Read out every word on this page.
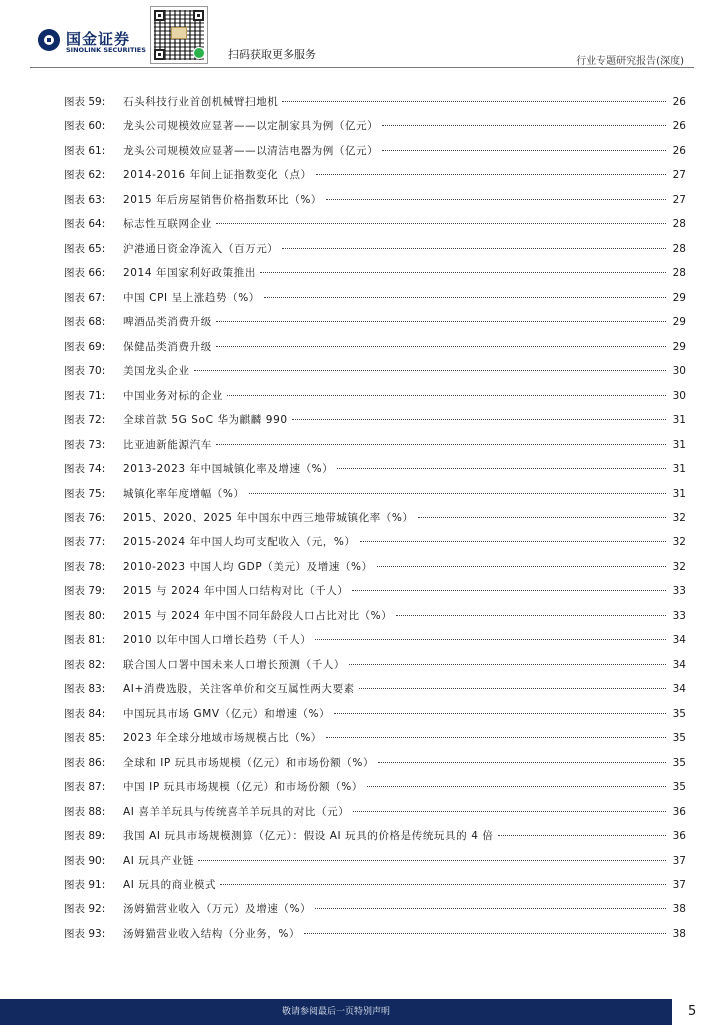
国金证券
SINOLINK SECURITIES	扫码获取更多服务
行业专题研究报告(深度)
图表 59:	石头科技行业首创机械臂扫地机	26
图表 60:	龙头公司规模效应显著——以定制家具为例（亿元）	26
图表 61:	龙头公司规模效应显著——以清洁电器为例（亿元）	26
图表 62:	2014-2016 年间上证指数变化（点）	27
图表 63:	2015 年后房屋销售价格指数环比（%）	27
图表 64:	标志性互联网企业	28
图表 65:	沪港通日资金净流入（百万元）	28
图表 66:	2014 年国家利好政策推出	28
图表 67:	中国 CPI 呈上涨趋势（%）	29
图表 68:	啤酒品类消费升级	29
图表 69:	保健品类消费升级	29
图表 70:	美国龙头企业	30
图表 71:	中国业务对标的企业	30
图表 72:	全球首款 5G SoC 华为麒麟 990	31
图表 73:	比亚迪新能源汽车	31
图表 74:	2013-2023 年中国城镇化率及增速（%）	31
图表 75:	城镇化率年度增幅（%）	31
图表 76:	2015、2020、2025 年中国东中西三地带城镇化率（%）	32
图表 77:	2015-2024 年中国人均可支配收入（元，%）	32
图表 78:	2010-2023 中国人均 GDP（美元）及增速（%）	32
图表 79:	2015 与 2024 年中国人口结构对比（千人）	33
图表 80:	2015 与 2024 年中国不同年龄段人口占比对比（%）	33
图表 81:	2010 以年中国人口增长趋势（千人）	34
图表 82:	联合国人口署中国未来人口增长预测（千人）	34
图表 83:	AI+消费选股，关注客单价和交互属性两大要素	34
图表 84:	中国玩具市场 GMV（亿元）和增速（%）	35
图表 85:	2023 年全球分地域市场规模占比（%）	35
图表 86:	全球和 IP 玩具市场规模（亿元）和市场份额（%）	35
图表 87:	中国 IP 玩具市场规模（亿元）和市场份额（%）	35
图表 88:	AI 喜羊羊玩具与传统喜羊羊玩具的对比（元）	36
图表 89:	我国 AI 玩具市场规模测算（亿元）：假设 AI 玩具的价格是传统玩具的 4 倍	36
图表 90:	AI 玩具产业链	37
图表 91:	AI 玩具的商业模式	37
图表 92:	汤姆猫营业收入（万元）及增速（%）	38
图表 93:	汤姆猫营业收入结构（分业务，%）	38
敬请参阅最后一页特别声明	5
